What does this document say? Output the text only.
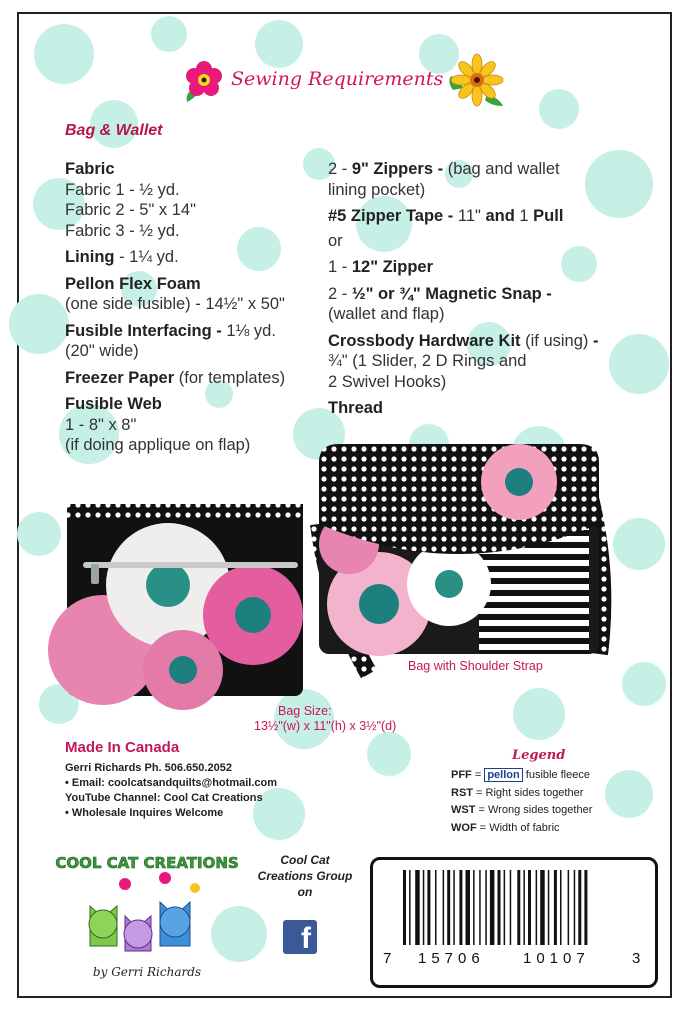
Sewing Requirements
Bag & Wallet
Fabric
Fabric 1 - ½ yd.
Fabric 2 - 5" x 14"
Fabric 3 - ½ yd.
Lining - 1¼ yd.
Pellon Flex Foam
(one side fusible) - 14½" x 50"
Fusible Interfacing - 1⅛ yd.
(20" wide)
Freezer Paper (for templates)
Fusible Web
1 - 8" x 8"
(if doing applique on flap)
2 - 9" Zippers - (bag and wallet
lining pocket)
#5 Zipper Tape - 11" and 1 Pull
or
1 - 12" Zipper
2 - ½" or ¾" Magnetic Snap -
(wallet and flap)
Crossbody Hardware Kit (if using) -
¾" (1 Slider, 2 D Rings and
2 Swivel Hooks)
Thread
Bag with Shoulder Strap
Bag Size:
13½"(w) x 11"(h) x 3½"(d)
Made In Canada
Gerri Richards Ph. 506.650.2052
• Email: coolcatsandquilts@hotmail.com
YouTube Channel: Cool Cat Creations
• Wholesale Inquires Welcome
Legend
PFF = pellon fusible fleece
RST = Right sides together
WST = Wrong sides together
WOF = Width of fabric
COOL CAT CREATIONS
by Gerri Richards
Cool Cat
Creations Group
on
f
7 15706	10107	3
